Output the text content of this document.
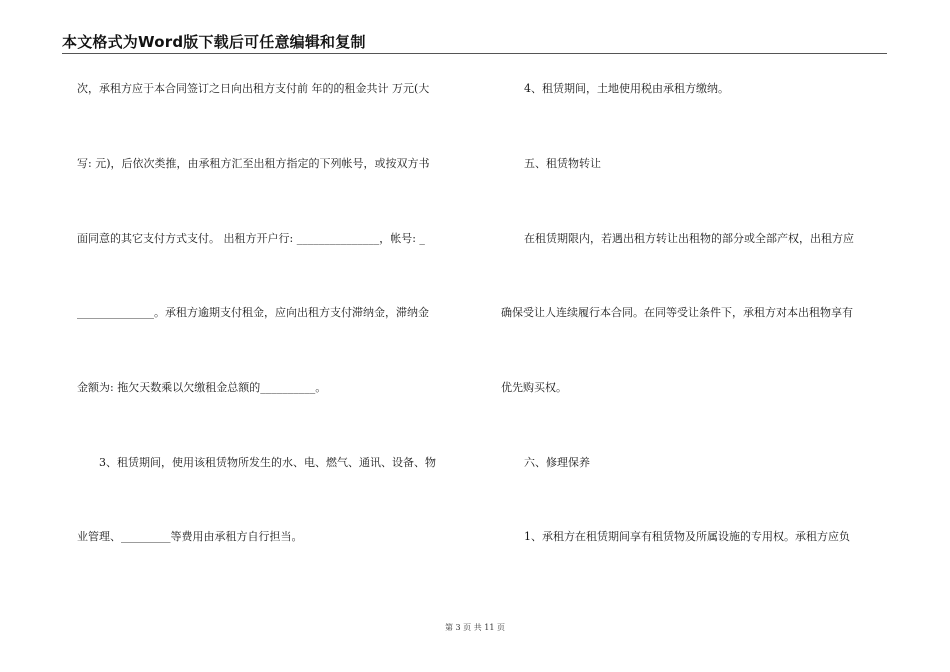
本文格式为Word版下载后可任意编辑和复制
次，承租方应于本合同签订之日向出租方支付前 年的的租金共计 万元(大
写: 元)，后依次类推，由承租方汇至出租方指定的下列帐号，或按双方书
面同意的其它支付方式支付。 出租方开户行: _______________，帐号: _
______________。承租方逾期支付租金，应向出租方支付滞纳金，滞纳金
金额为: 拖欠天数乘以欠缴租金总额的__________。
3、租赁期间，使用该租赁物所发生的水、电、燃气、通讯、设备、物
业管理、_________等费用由承租方自行担当。
4、租赁期间，土地使用税由承租方缴纳。
五、租赁物转让
在租赁期限内，若遇出租方转让出租物的部分或全部产权，出租方应
确保受让人连续履行本合同。在同等受让条件下，承租方对本出租物享有
优先购买权。
六、修理保养
1、承租方在租赁期间享有租赁物及所属设施的专用权。承租方应负
第 3 页 共 11 页
